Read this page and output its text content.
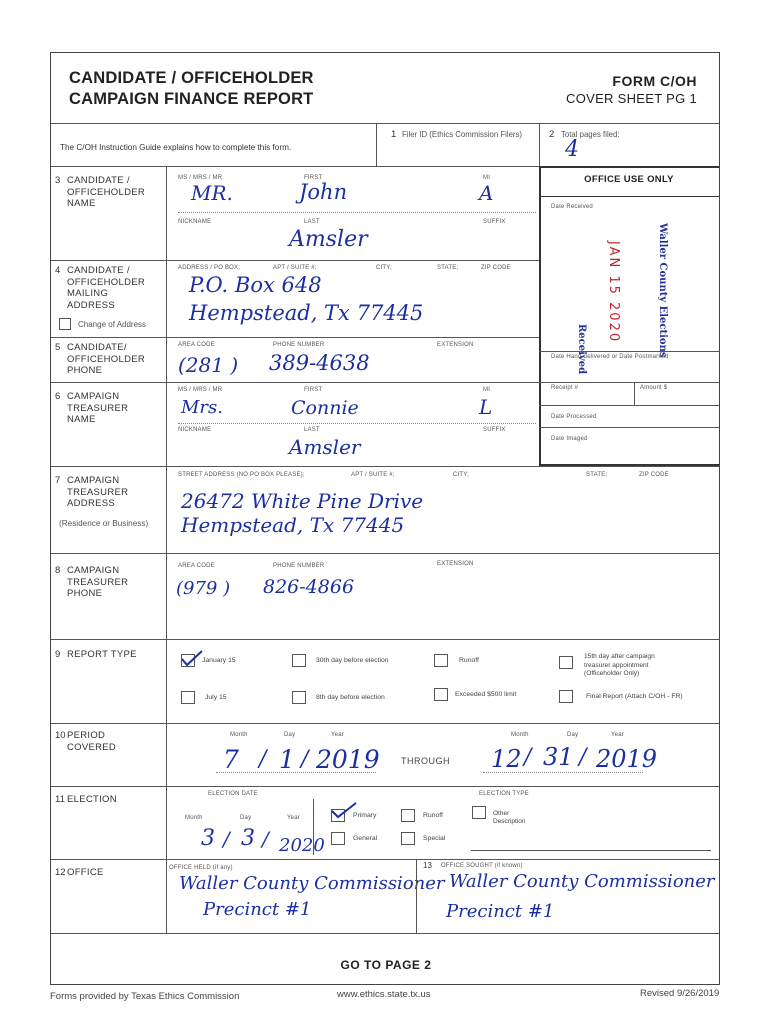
CANDIDATE / OFFICEHOLDER
CAMPAIGN FINANCE REPORT
FORM C/OH
COVER SHEET PG 1
The C/OH Instruction Guide explains how to complete this form.
1 Filer ID (Ethics Commission Filers)	2 Total pages filed:
4
OFFICE USE ONLY
Date Received
Received
JAN 15 2020	Waller County Elections
Date Hand-delivered or Date Postmarked
Receipt #	Amount $
Date Processed
Date Imaged
3 CANDIDATE /
OFFICEHOLDER
NAME
MS / MRS / MR	FIRST	MI
MR.	John	A
NICKNAME	LAST	SUFFIX
Amsler
4 CANDIDATE /
OFFICEHOLDER
MAILING
ADDRESS
Change of Address
ADDRESS / PO BOX;	APT / SUITE #;	CITY;	STATE;	ZIP CODE
P.O. Box 648
Hempstead, Tx 77445
5 CANDIDATE/
OFFICEHOLDER
PHONE
AREA CODE	PHONE NUMBER	EXTENSION
(281 ) 389-4638
6 CAMPAIGN
TREASURER
NAME
MS / MRS / MR	FIRST	MI
Mrs.	Connie	L
NICKNAME	LAST	SUFFIX
Amsler
7 CAMPAIGN
TREASURER
ADDRESS
(Residence or Business)
STREET ADDRESS (NO PO BOX PLEASE);	APT / SUITE #;	CITY;	STATE;	ZIP CODE
26472 White Pine Drive
Hempstead, Tx 77445
8 CAMPAIGN
TREASURER
PHONE
AREA CODE	PHONE NUMBER	EXTENSION
(979 ) 826-4866
9 REPORT TYPE
January 15	30th day before election	Runoff
15th day after campaign
treasurer appointment
(Officeholder Only)
July 15	8th day before election	Exceeded $500 limit	Final Report (Attach C/OH - FR)
10 PERIOD
COVERED
Month	Day	Year
7 / 1 / 2019 THROUGH
Month	Day	Year
12 / 31 / 2019
11 ELECTION	ELECTION DATE
Month	Day	Year
3 / 3 / 2020
ELECTION TYPE
Primary	Runoff	Other
Description
General	Special
12 OFFICE	OFFICE HELD (if any)
Waller County Commissioner
Precinct #1
13 OFFICE SOUGHT (if known)
Waller County Commissioner
Precinct #1
GO TO PAGE 2
Forms provided by Texas Ethics Commission	www.ethics.state.tx.us	Revised 9/26/2019
